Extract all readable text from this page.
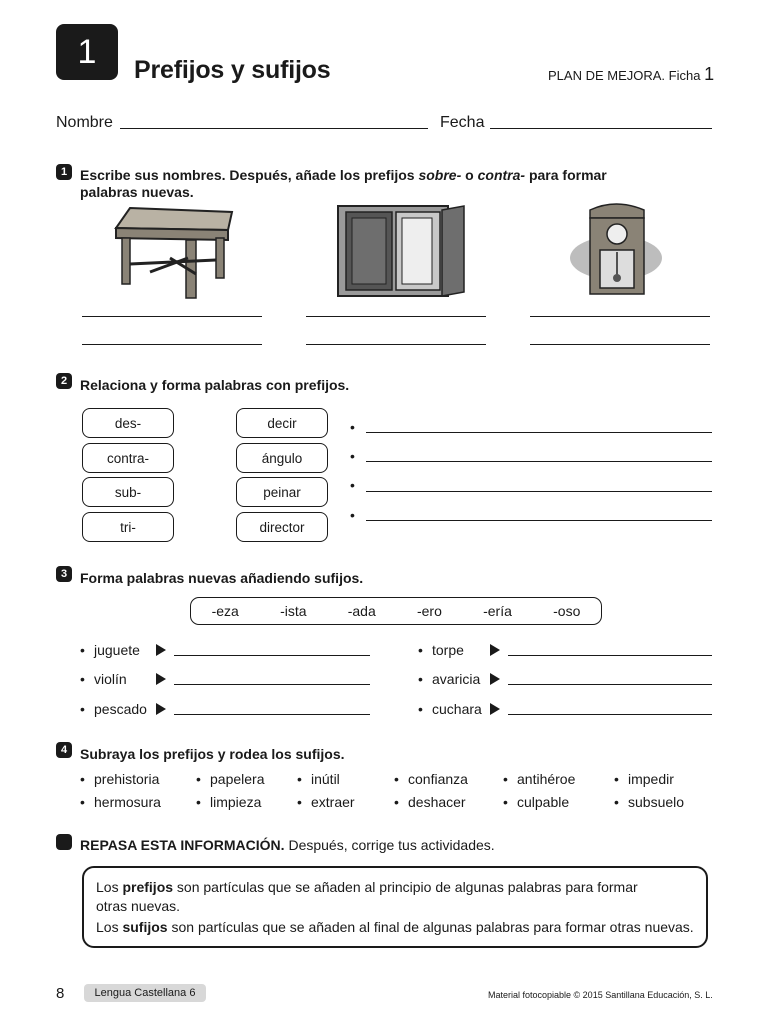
1 Prefijos y sufijos	PLAN DE MEJORA. Ficha 1
Nombre	Fecha
1 Escribe sus nombres. Después, añade los prefijos sobre- o contra- para formar
palabras nuevas.
2 Relaciona y forma palabras con prefijos.
des-
contra-
sub-
tri-
decir
ángulo
peinar
director
•
•
•
•
3 Forma palabras nuevas añadiendo sufijos.
-eza	-ista	-ada	-ero	-ería	-oso
• juguete
• violín
• pescado
• torpe
• avaricia
• cuchara
4 Subraya los prefijos y rodea los sufijos.
• prehistoria	• papelera • inútil	• confianza	• antihéroe	• impedir
• hermosura	• limpieza	• extraer	• deshacer	• culpable	• subsuelo
REPASA ESTA INFORMACIÓN. Después, corrige tus actividades.

Los prefijos son partículas que se añaden al principio de algunas palabras para formar
otras nuevas.

Los sufijos son partículas que se añaden al final de algunas palabras para formar otras nuevas.

8	Lengua Castellana 6	Material fotocopiable © 2015 Santillana Educación, S. L.
